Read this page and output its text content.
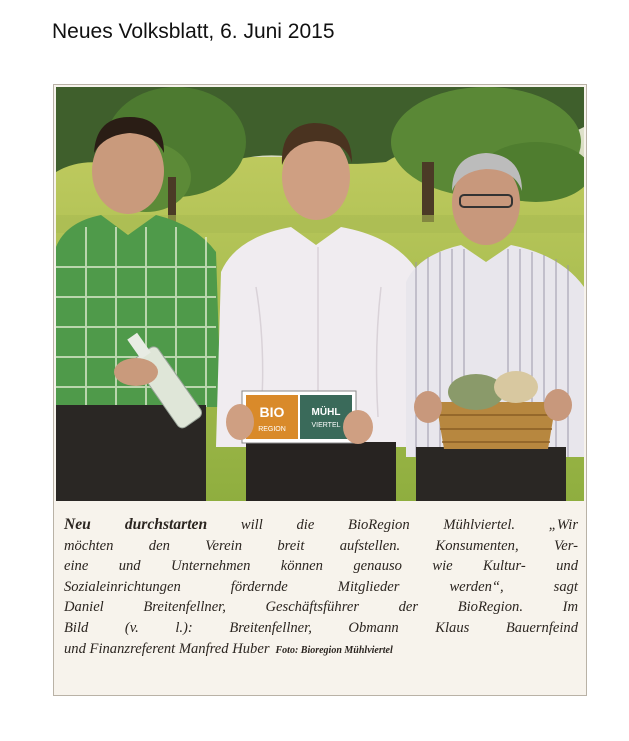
Neues Volksblatt, 6. Juni 2015
BIO
REGION
MÜHL
VIERTEL
Neu durchstarten will die BioRegion Mühlviertel. „Wir
möchten den Verein breit aufstellen. Konsumenten, Ver-
eine und Unternehmen können genauso wie Kultur- und
Sozialeinrichtungen fördernde Mitglieder werden“, sagt
Daniel Breitenfellner, Geschäftsführer der BioRegion. Im
Bild (v. l.): Breitenfellner, Obmann Klaus Bauernfeind
und Finanzreferent Manfred Huber Foto: Bioregion Mühlviertel
